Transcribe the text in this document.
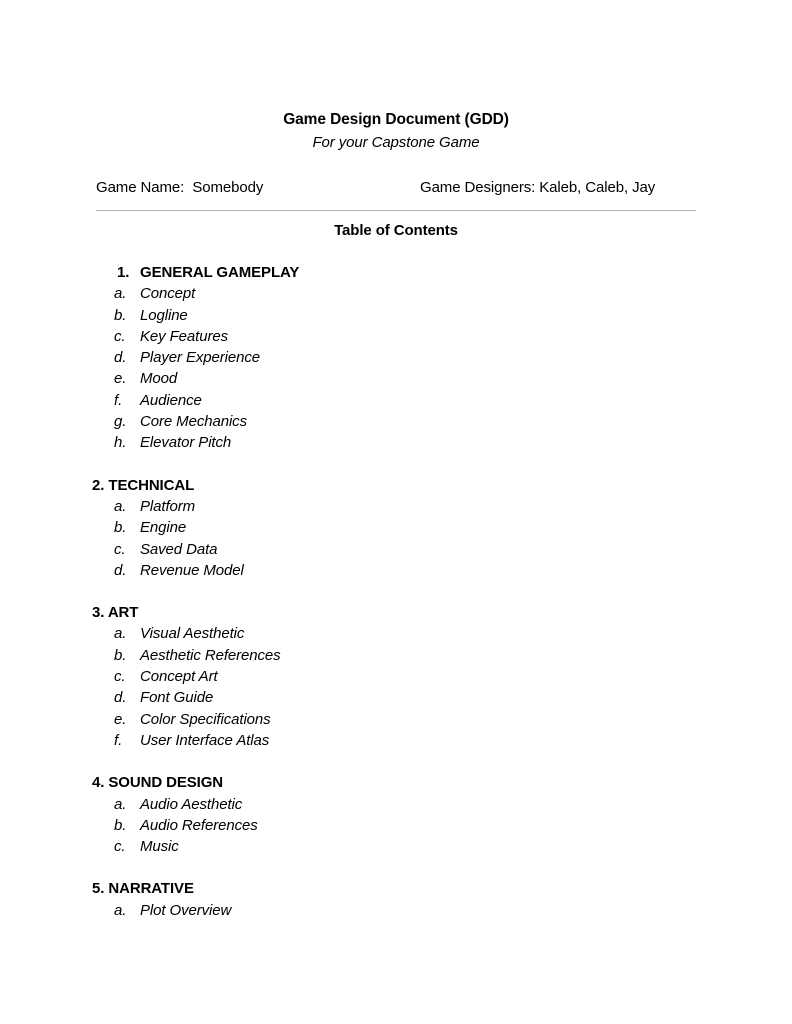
Game Design Document (GDD)
For your Capstone Game
Game Name:  Somebody	Game Designers: Kaleb, Caleb, Jay
Table of Contents
1. GENERAL GAMEPLAY
a. Concept
b. Logline
c. Key Features
d. Player Experience
e. Mood
f. Audience
g. Core Mechanics
h. Elevator Pitch
2. TECHNICAL
a. Platform
b. Engine
c. Saved Data
d. Revenue Model
3. ART
a. Visual Aesthetic
b. Aesthetic References
c. Concept Art
d. Font Guide
e. Color Specifications
f. User Interface Atlas
4. SOUND DESIGN
a. Audio Aesthetic
b. Audio References
c. Music
5. NARRATIVE
a. Plot Overview
